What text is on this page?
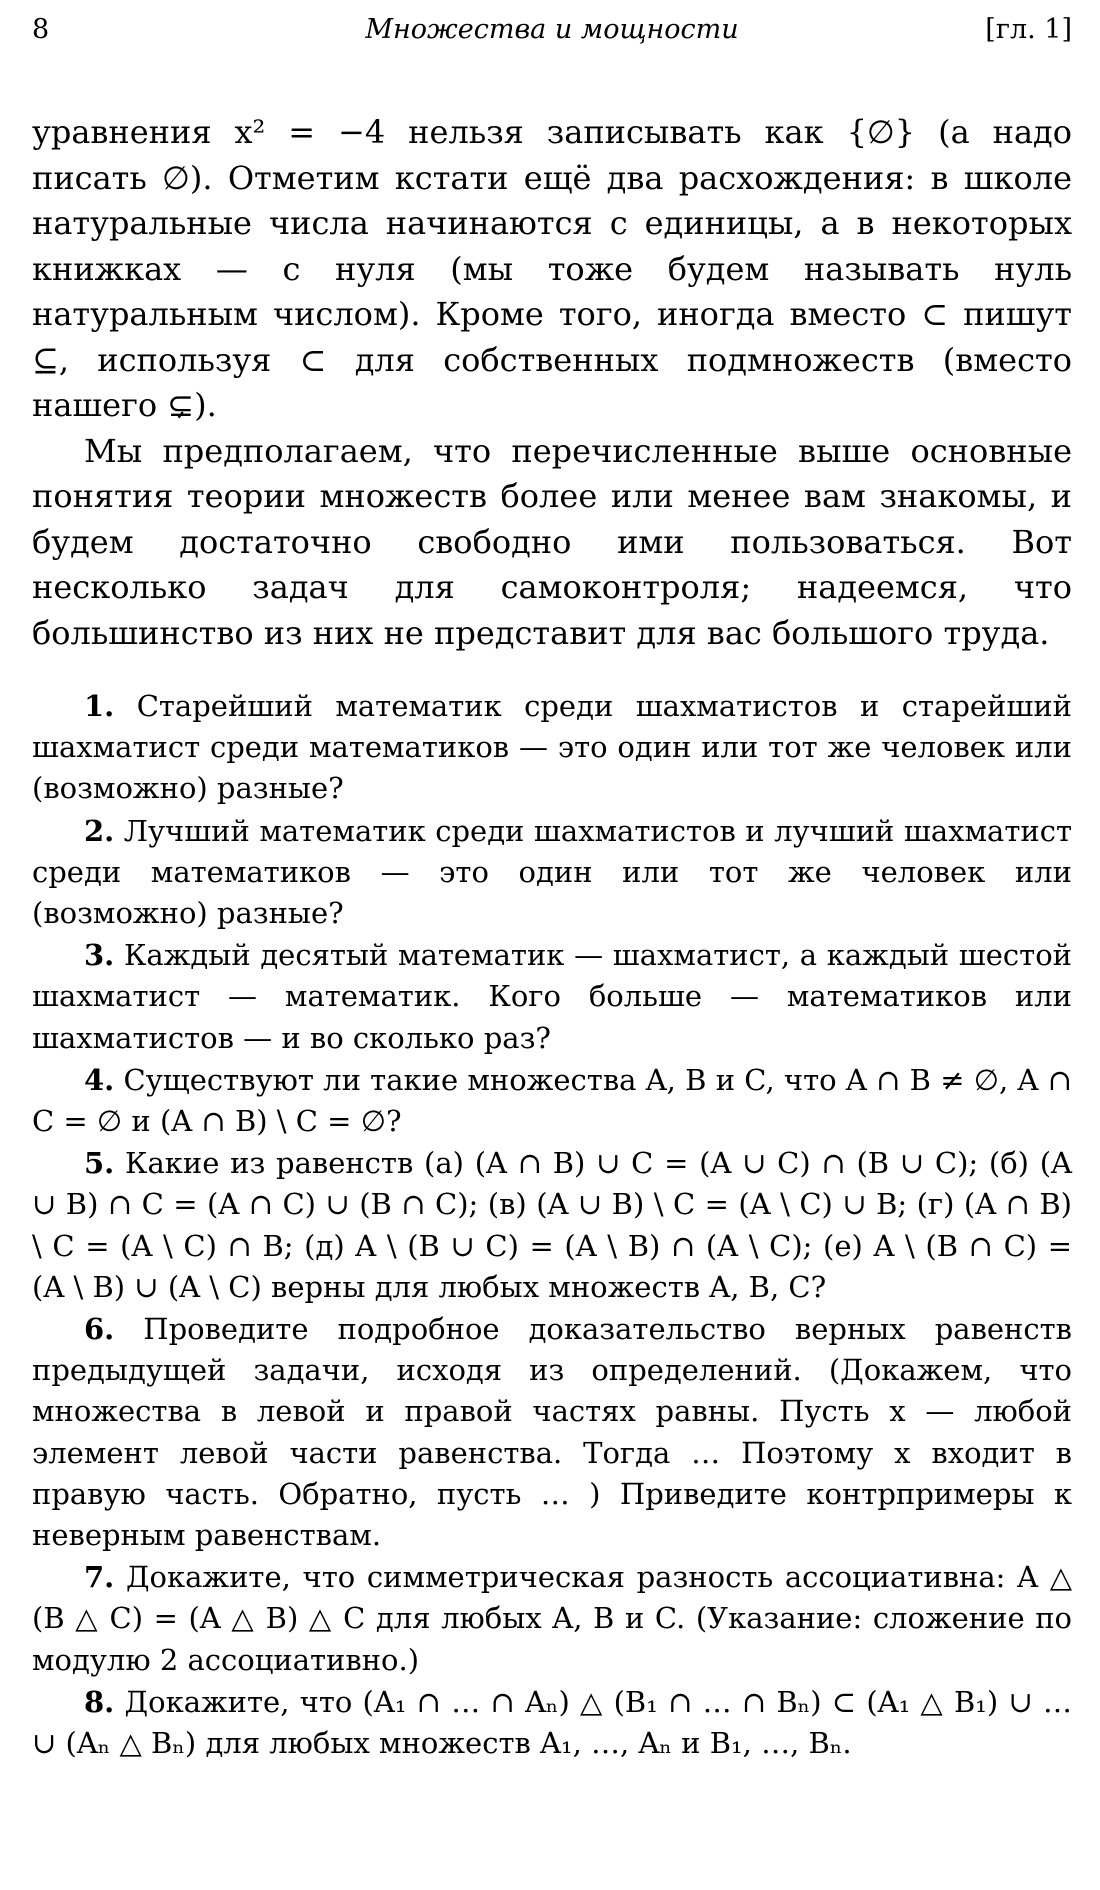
8	Множества и мощности	[гл. 1]

уравнения x² = −4 нельзя записывать как {∅} (а надо писать ∅). Отметим кстати ещё два расхождения: в школе натуральные числа начинаются с единицы, а в некоторых книжках — с нуля (мы тоже будем называть нуль натуральным числом). Кроме того, иногда вместо ⊂ пишут ⊆, используя ⊂ для собственных подмножеств (вместо нашего ⊊).

Мы предполагаем, что перечисленные выше основные понятия теории множеств более или менее вам знакомы, и будем достаточно свободно ими пользоваться. Вот несколько задач для самоконтроля; надеемся, что большинство из них не представит для вас большого труда.

1. Старейший математик среди шахматистов и старейший шахматист среди математиков — это один или тот же человек или (возможно) разные?

2. Лучший математик среди шахматистов и лучший шахматист среди математиков — это один или тот же человек или (возможно) разные?

3. Каждый десятый математик — шахматист, а каждый шестой шахматист — математик. Кого больше — математиков или шахматистов — и во сколько раз?

4. Существуют ли такие множества A, B и C, что A ∩ B ≠ ∅, A ∩ C = ∅ и (A ∩ B) \ C = ∅?

5. Какие из равенств (а) (A ∩ B) ∪ C = (A ∪ C) ∩ (B ∪ C); (б) (A ∪ B) ∩ C = (A ∩ C) ∪ (B ∩ C); (в) (A ∪ B) \ C = (A \ C) ∪ B; (г) (A ∩ B) \ C = (A \ C) ∩ B; (д) A \ (B ∪ C) = (A \ B) ∩ (A \ C); (е) A \ (B ∩ C) = (A \ B) ∪ (A \ C) верны для любых множеств A, B, C?

6. Проведите подробное доказательство верных равенств предыдущей задачи, исходя из определений. (Докажем, что множества в левой и правой частях равны. Пусть x — любой элемент левой части равенства. Тогда … Поэтому x входит в правую часть. Обратно, пусть … ) Приведите контрпримеры к неверным равенствам.

7. Докажите, что симметрическая разность ассоциативна: A △ (B △ C) = (A △ B) △ C для любых A, B и C. (Указание: сложение по модулю 2 ассоциативно.)

8. Докажите, что (A₁ ∩ … ∩ Aₙ) △ (B₁ ∩ … ∩ Bₙ) ⊂ (A₁ △ B₁) ∪ … ∪ (Aₙ △ Bₙ) для любых множеств A₁, …, Aₙ и B₁, …, Bₙ.
